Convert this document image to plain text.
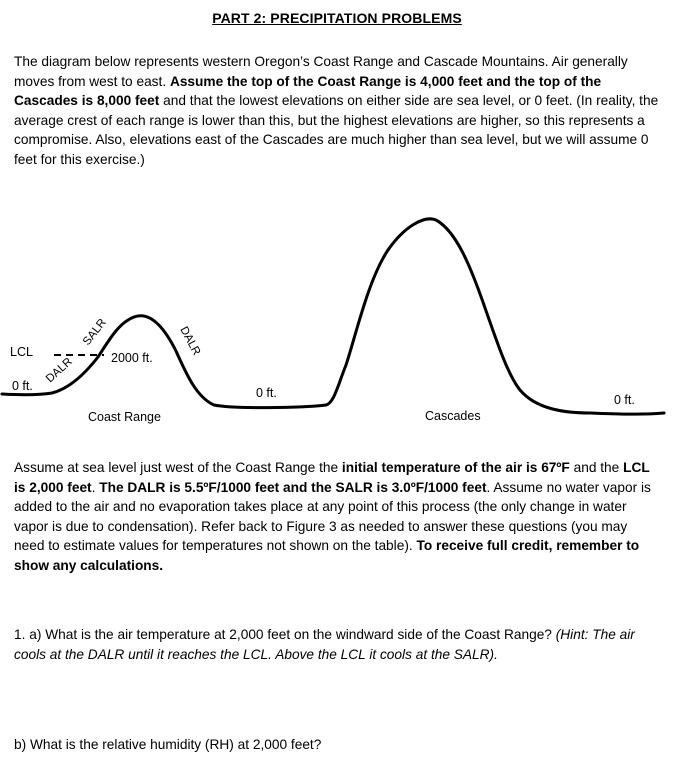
PART 2: PRECIPITATION PROBLEMS

The diagram below represents western Oregon’s Coast Range and Cascade Mountains. Air generally moves from west to east. Assume the top of the Coast Range is 4,000 feet and the top of the Cascades is 8,000 feet and that the lowest elevations on either side are sea level, or 0 feet. (In reality, the average crest of each range is lower than this, but the highest elevations are higher, so this represents a compromise. Also, elevations east of the Cascades are much higher than sea level, but we will assume 0 feet for this exercise.)

LCL
0 ft.
DALR
SALR
2000 ft.
DALR
0 ft.	0 ft.
Coast Range	Cascades

Assume at sea level just west of the Coast Range the initial temperature of the air is 67ºF and the LCL is 2,000 feet. The DALR is 5.5ºF/1000 feet and the SALR is 3.0ºF/1000 feet. Assume no water vapor is added to the air and no evaporation takes place at any point of this process (the only change in water vapor is due to condensation). Refer back to Figure 3 as needed to answer these questions (you may need to estimate values for temperatures not shown on the table). To receive full credit, remember to show any calculations.

1. a) What is the air temperature at 2,000 feet on the windward side of the Coast Range? (Hint: The air cools at the DALR until it reaches the LCL. Above the LCL it cools at the SALR).

b) What is the relative humidity (RH) at 2,000 feet?
